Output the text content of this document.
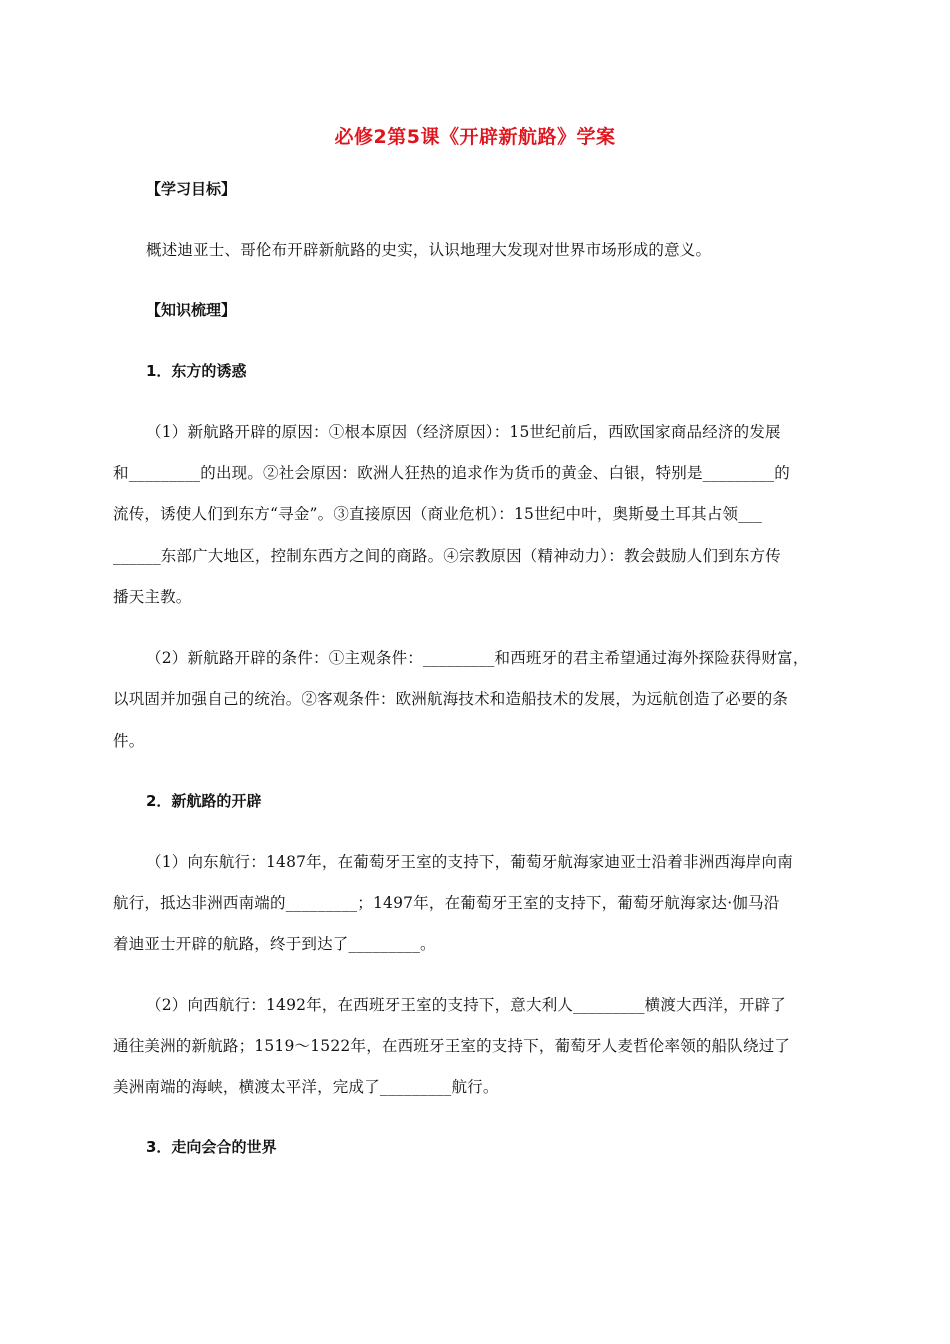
必修2第5课《开辟新航路》学案
【学习目标】
概述迪亚士、哥伦布开辟新航路的史实，认识地理大发现对世界市场形成的意义。
【知识梳理】
1．东方的诱惑
（1）新航路开辟的原因：①根本原因（经济原因）：15世纪前后，西欧国家商品经济的发展
和_________的出现。②社会原因：欧洲人狂热的追求作为货币的黄金、白银，特别是_________的
流传，诱使人们到东方“寻金”。③直接原因（商业危机）：15世纪中叶，奥斯曼土耳其占领___
______东部广大地区，控制东西方之间的商路。④宗教原因（精神动力）：教会鼓励人们到东方传
播天主教。
（2）新航路开辟的条件：①主观条件：_________和西班牙的君主希望通过海外探险获得财富，
以巩固并加强自己的统治。②客观条件：欧洲航海技术和造船技术的发展，为远航创造了必要的条
件。
2．新航路的开辟
（1）向东航行：1487年，在葡萄牙王室的支持下，葡萄牙航海家迪亚士沿着非洲西海岸向南
航行，抵达非洲西南端的_________；1497年，在葡萄牙王室的支持下，葡萄牙航海家达·伽马沿
着迪亚士开辟的航路，终于到达了_________。
（2）向西航行：1492年，在西班牙王室的支持下，意大利人_________横渡大西洋，开辟了
通往美洲的新航路；1519～1522年，在西班牙王室的支持下，葡萄牙人麦哲伦率领的船队绕过了
美洲南端的海峡，横渡太平洋，完成了_________航行。
3．走向会合的世界
